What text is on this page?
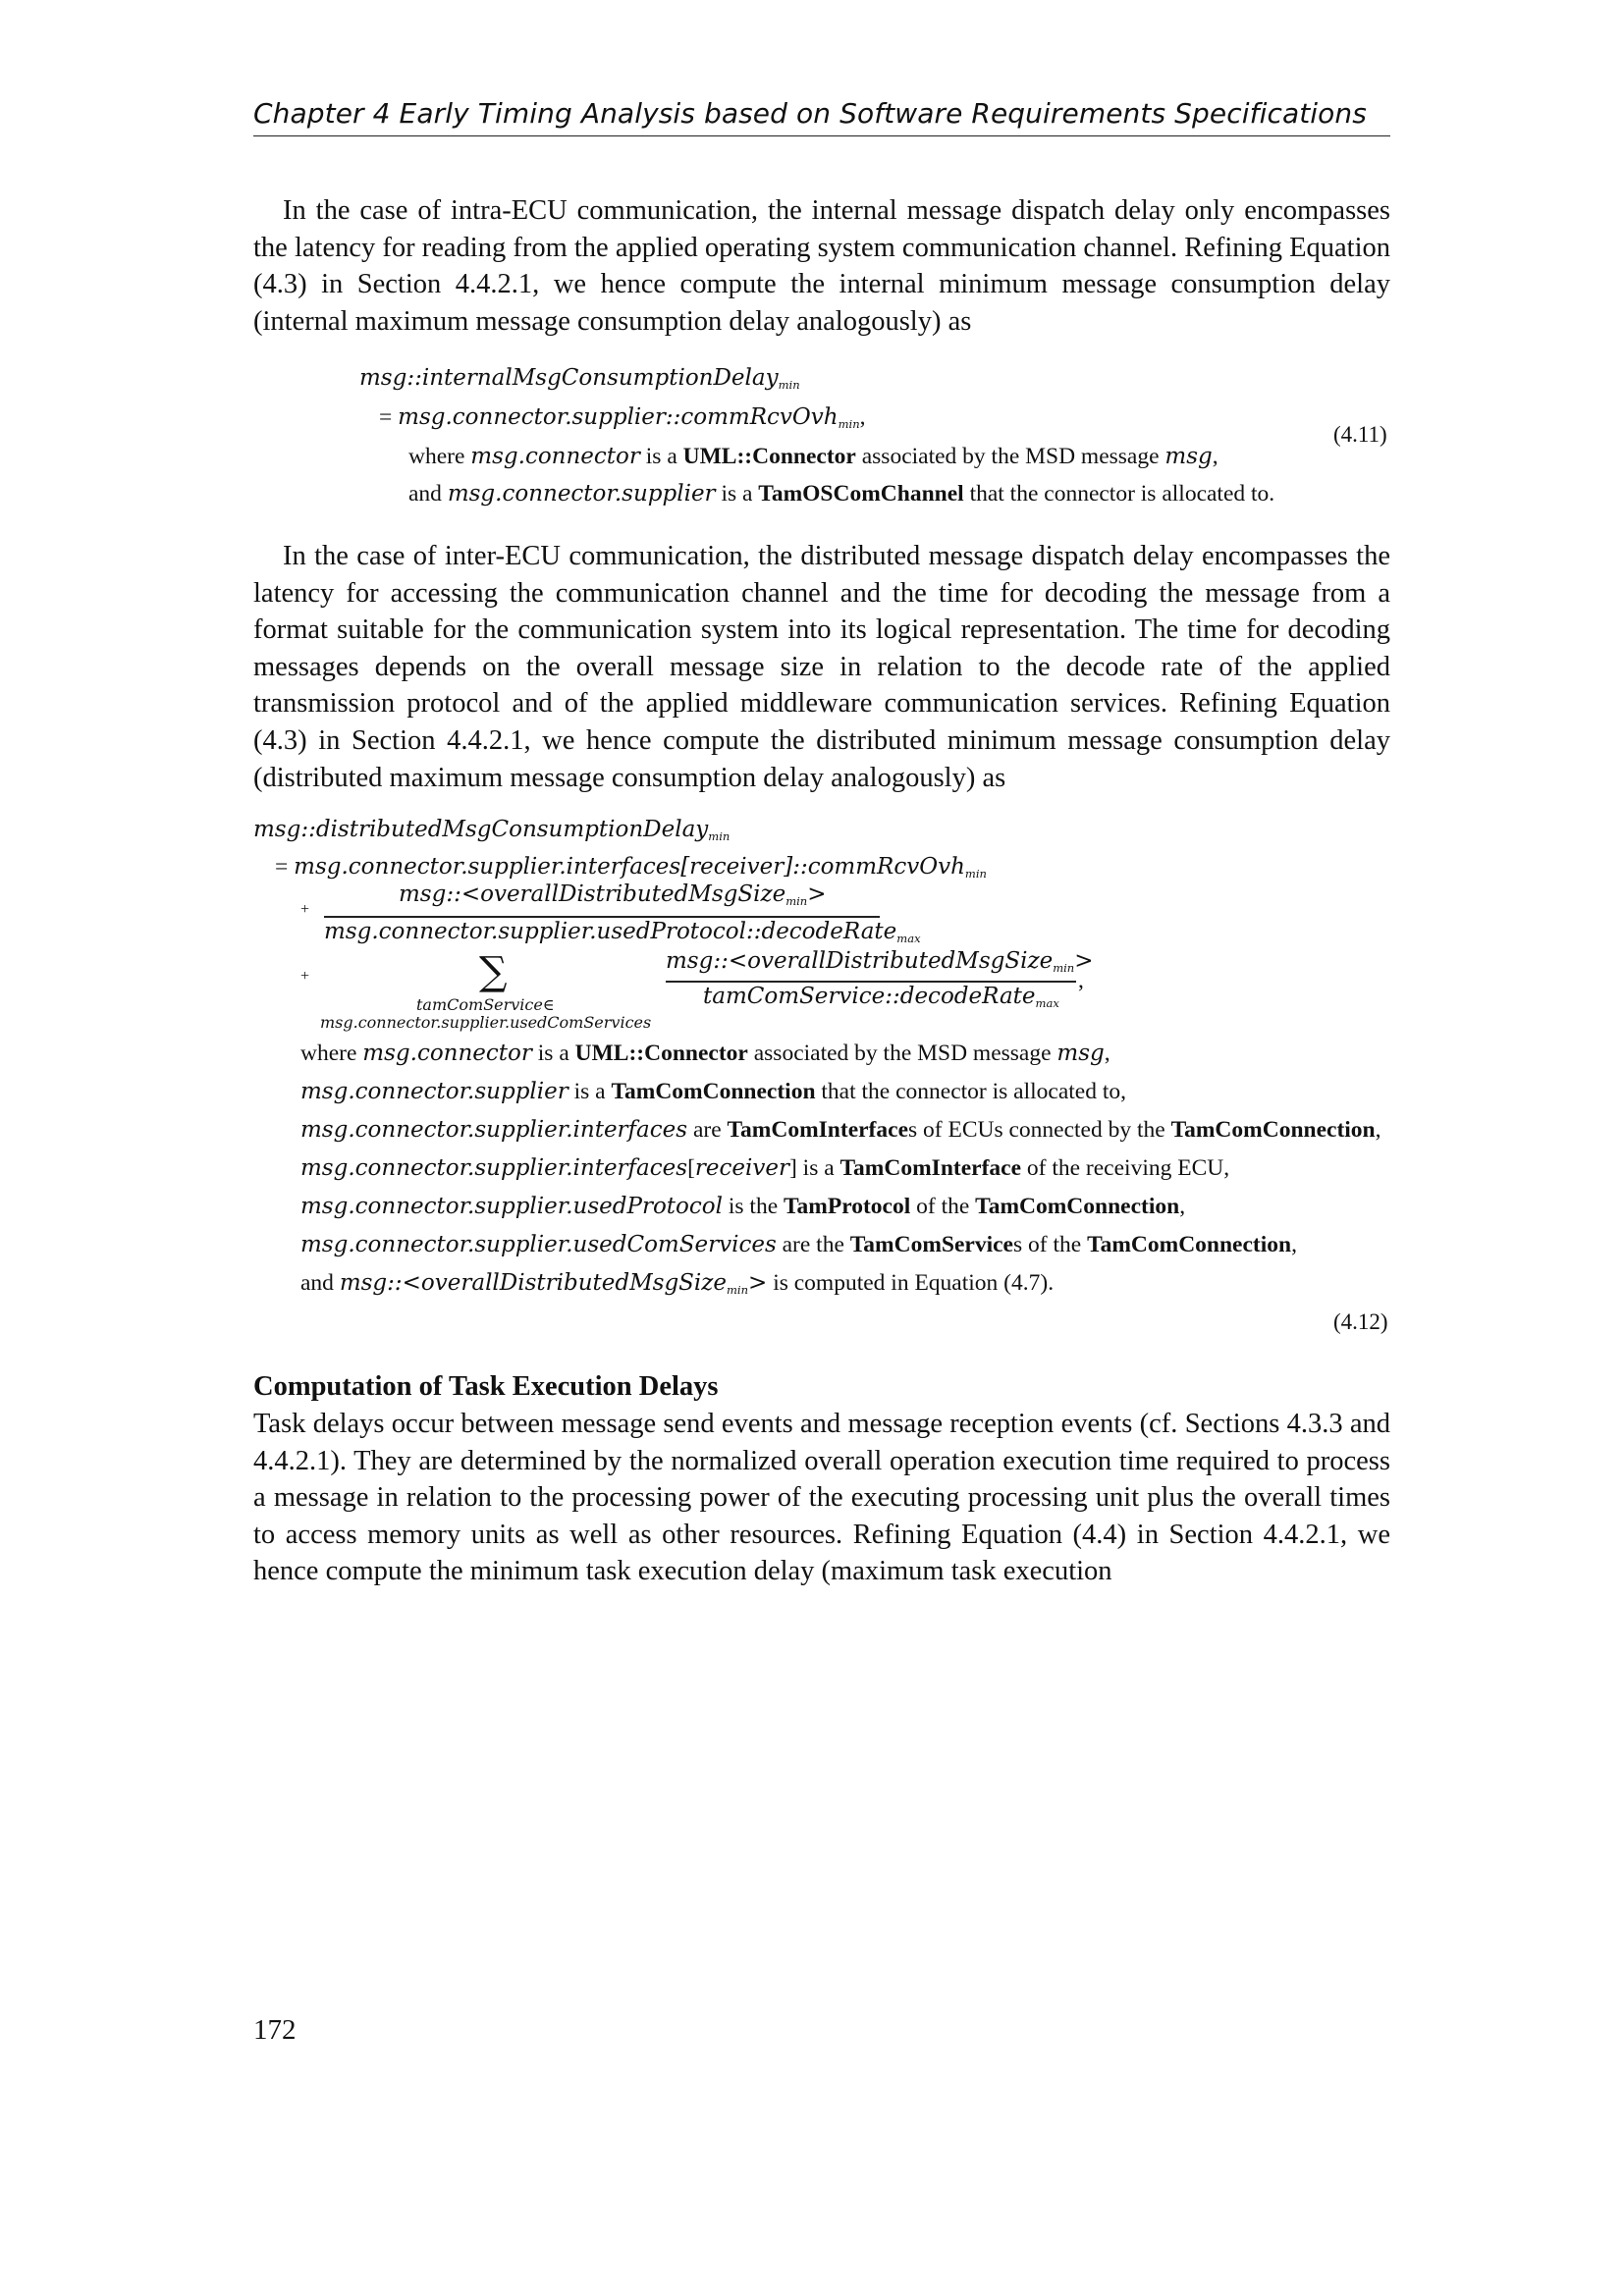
Chapter 4 Early Timing Analysis based on Software Requirements Specifications

In the case of intra-ECU communication, the internal message dispatch delay only encompasses the latency for reading from the applied operating system communication channel. Refining Equation (4.3) in Section 4.4.2.1, we hence compute the internal minimum message consumption delay (internal maximum message consumption delay analogously) as

msg::internalMsgConsumptionDelay$_{min}$
= msg.connector.supplier::commRcvOvh$_{min}$,
where msg.connector is a UML::Connector associated by the MSD message msg,
and msg.connector.supplier is a TamOSComChannel that the connector is allocated to.
(4.11)

In the case of inter-ECU communication, the distributed message dispatch delay encompasses the latency for accessing the communication channel and the time for decoding the message from a format suitable for the communication system into its logical representation. The time for decoding messages depends on the overall message size in relation to the decode rate of the applied transmission protocol and of the applied middleware communication services. Refining Equation (4.3) in Section 4.4.2.1, we hence compute the distributed minimum message consumption delay (distributed maximum message consumption delay analogously) as

msg::distributedMsgConsumptionDelay$_{min}$
= msg.connector.supplier.interfaces[receiver]::commRcvOvh$_{min}$
+
msg::<overallDistributedMsgSize$_{min}$>
msg.connector.supplier.usedProtocol::decodeRate$_{max}$
+	∑
tamComService∈
msg.connector.supplier.usedComServices
msg::<overallDistributedMsgSize$_{min}$>
tamComService::decodeRate$_{max}$
,
where msg.connector is a UML::Connector associated by the MSD message msg,
msg.connector.supplier is a TamComConnection that the connector is allocated to,
msg.connector.supplier.interfaces are TamComInterfaces of ECUs connected by the TamComConnection,
msg.connector.supplier.interfaces[receiver] is a TamComInterface of the receiving ECU,
msg.connector.supplier.usedProtocol is the TamProtocol of the TamComConnection,
msg.connector.supplier.usedComServices are the TamComServices of the TamComConnection,
and msg::<overallDistributedMsgSize$_{min}$> is computed in Equation (4.7).
(4.12)
Computation of Task Execution Delays

Task delays occur between message send events and message reception events (cf. Sections 4.3.3 and 4.4.2.1). They are determined by the normalized overall operation execution time required to process a message in relation to the processing power of the executing processing unit plus the overall times to access memory units as well as other resources. Refining Equation (4.4) in Section 4.4.2.1, we hence compute the minimum task execution delay (maximum task execution

172
